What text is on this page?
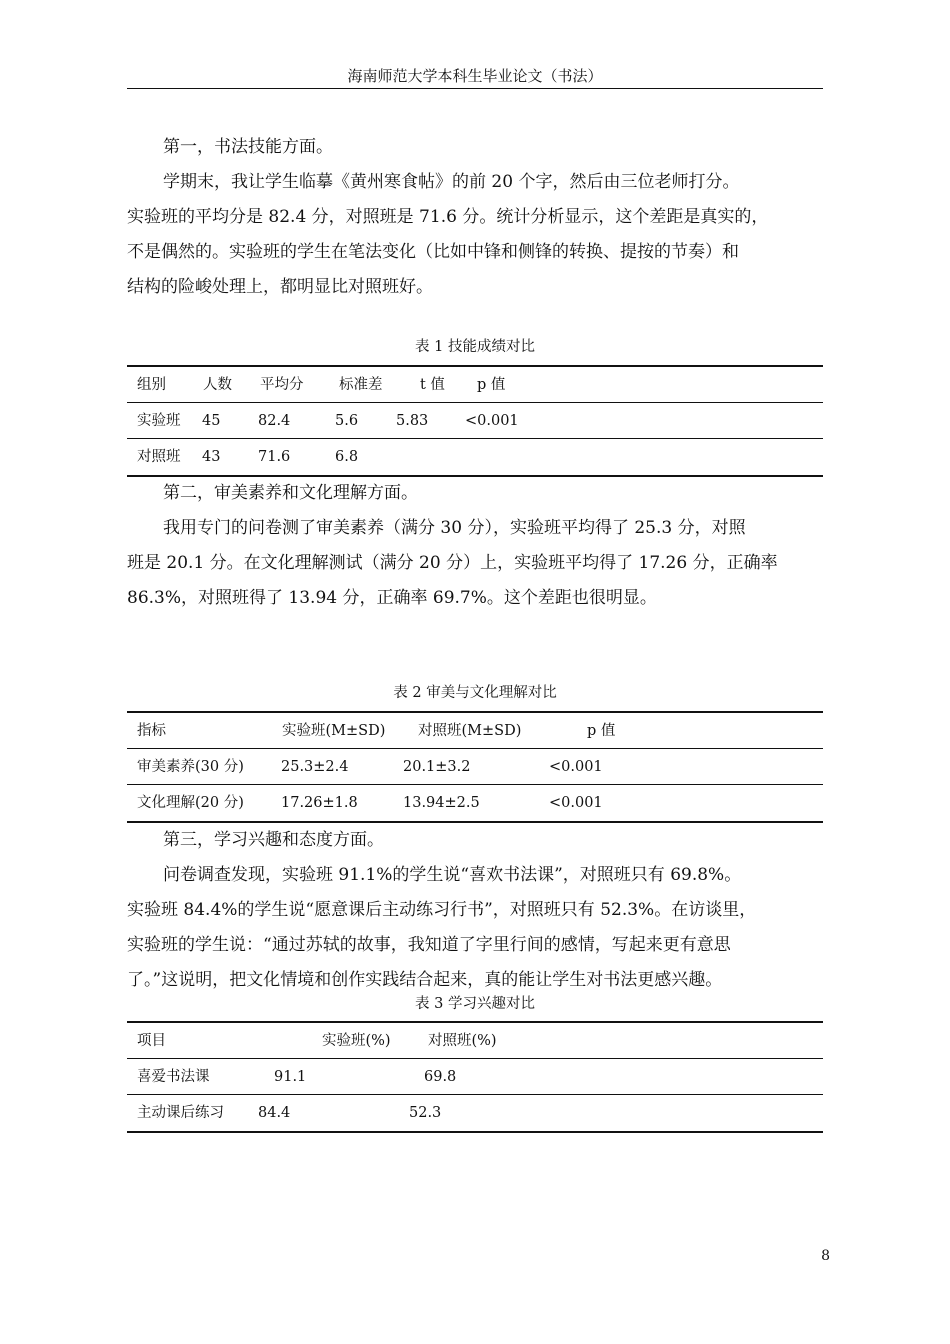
海南师范大学本科生毕业论文（书法）
第一，书法技能方面。
学期末，我让学生临摹《黄州寒食帖》的前 20 个字，然后由三位老师打分。
实验班的平均分是 82.4 分，对照班是 71.6 分。统计分析显示，这个差距是真实的，
不是偶然的。实验班的学生在笔法变化（比如中锋和侧锋的转换、提按的节奏）和
结构的险峻处理上，都明显比对照班好。
表 1 技能成绩对比
组别	人数 平均分 标准差	t 值 p 值
实验班 45	82.4	5.6	5.83	<0.001
对照班 43	71.6	6.8
第二，审美素养和文化理解方面。
我用专门的问卷测了审美素养（满分 30 分），实验班平均得了 25.3 分，对照
班是 20.1 分。在文化理解测试（满分 20 分）上，实验班平均得了 17.26 分，正确率
86.3%，对照班得了 13.94 分，正确率 69.7%。这个差距也很明显。
表 2 审美与文化理解对比
指标	实验班(M±SD) 对照班(M±SD)	p 值
审美素养(30 分)	25.3±2.4	20.1±3.2	<0.001
文化理解(20 分)	17.26±1.8	13.94±2.5	<0.001
第三，学习兴趣和态度方面。
问卷调查发现，实验班 91.1%的学生说“喜欢书法课”，对照班只有 69.8%。
实验班 84.4%的学生说“愿意课后主动练习行书”，对照班只有 52.3%。在访谈里，
实验班的学生说：“通过苏轼的故事，我知道了字里行间的感情，写起来更有意思
了。”这说明，把文化情境和创作实践结合起来，真的能让学生对书法更感兴趣。
表 3 学习兴趣对比
项目	实验班(%)	对照班(%)
喜爱书法课	91.1	69.8
主动课后练习 84.4	52.3
8
